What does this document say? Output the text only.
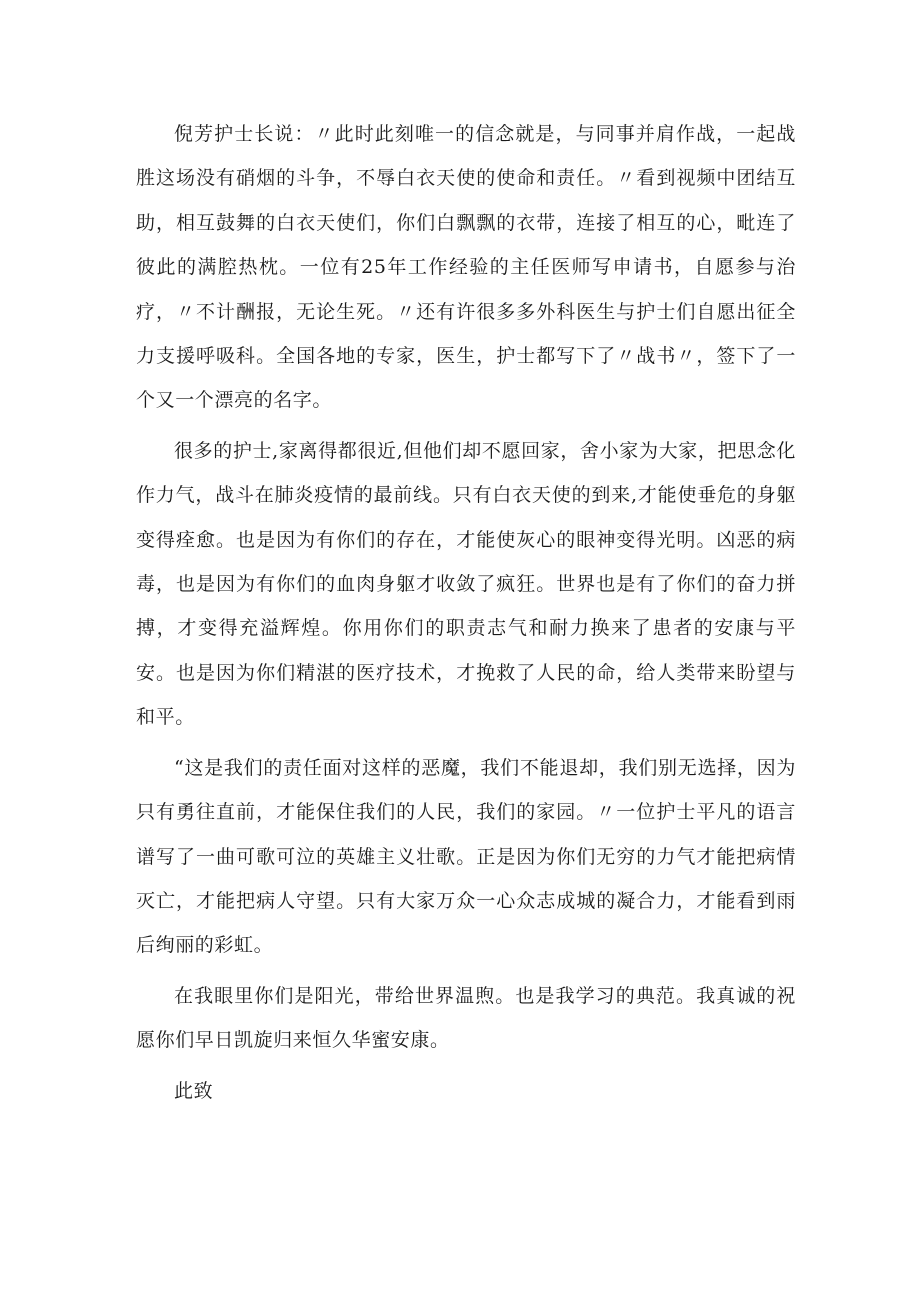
倪芳护士长说：〃此时此刻唯一的信念就是，与同事并肩作战，一起战胜这场没有硝烟的斗争，不辱白衣天使的使命和责任。〃看到视频中团结互助，相互鼓舞的白衣天使们，你们白飘飘的衣带，连接了相互的心，毗连了彼此的满腔热枕。一位有25年工作经验的主任医师写申请书，自愿参与治疗，〃不计酬报，无论生死。〃还有许很多多外科医生与护士们自愿出征全力支援呼吸科。全国各地的专家，医生，护士都写下了〃战书〃，签下了一个又一个漂亮的名字。

很多的护士,家离得都很近,但他们却不愿回家，舍小家为大家，把思念化作力气，战斗在肺炎疫情的最前线。只有白衣天使的到来,才能使垂危的身躯变得痊愈。也是因为有你们的存在，才能使灰心的眼神变得光明。凶恶的病毒，也是因为有你们的血肉身躯才收敛了疯狂。世界也是有了你们的奋力拼搏，才变得充溢辉煌。你用你们的职责志气和耐力换来了患者的安康与平安。也是因为你们精湛的医疗技术，才挽救了人民的命，给人类带来盼望与和平。

“这是我们的责任面对这样的恶魔，我们不能退却，我们别无选择，因为只有勇往直前，才能保住我们的人民，我们的家园。〃一位护士平凡的语言谱写了一曲可歌可泣的英雄主义壮歌。正是因为你们无穷的力气才能把病情灭亡，才能把病人守望。只有大家万众一心众志成城的凝合力，才能看到雨后绚丽的彩虹。

在我眼里你们是阳光，带给世界温煦。也是我学习的典范。我真诚的祝愿你们早日凯旋归来恒久华蜜安康。

此致
